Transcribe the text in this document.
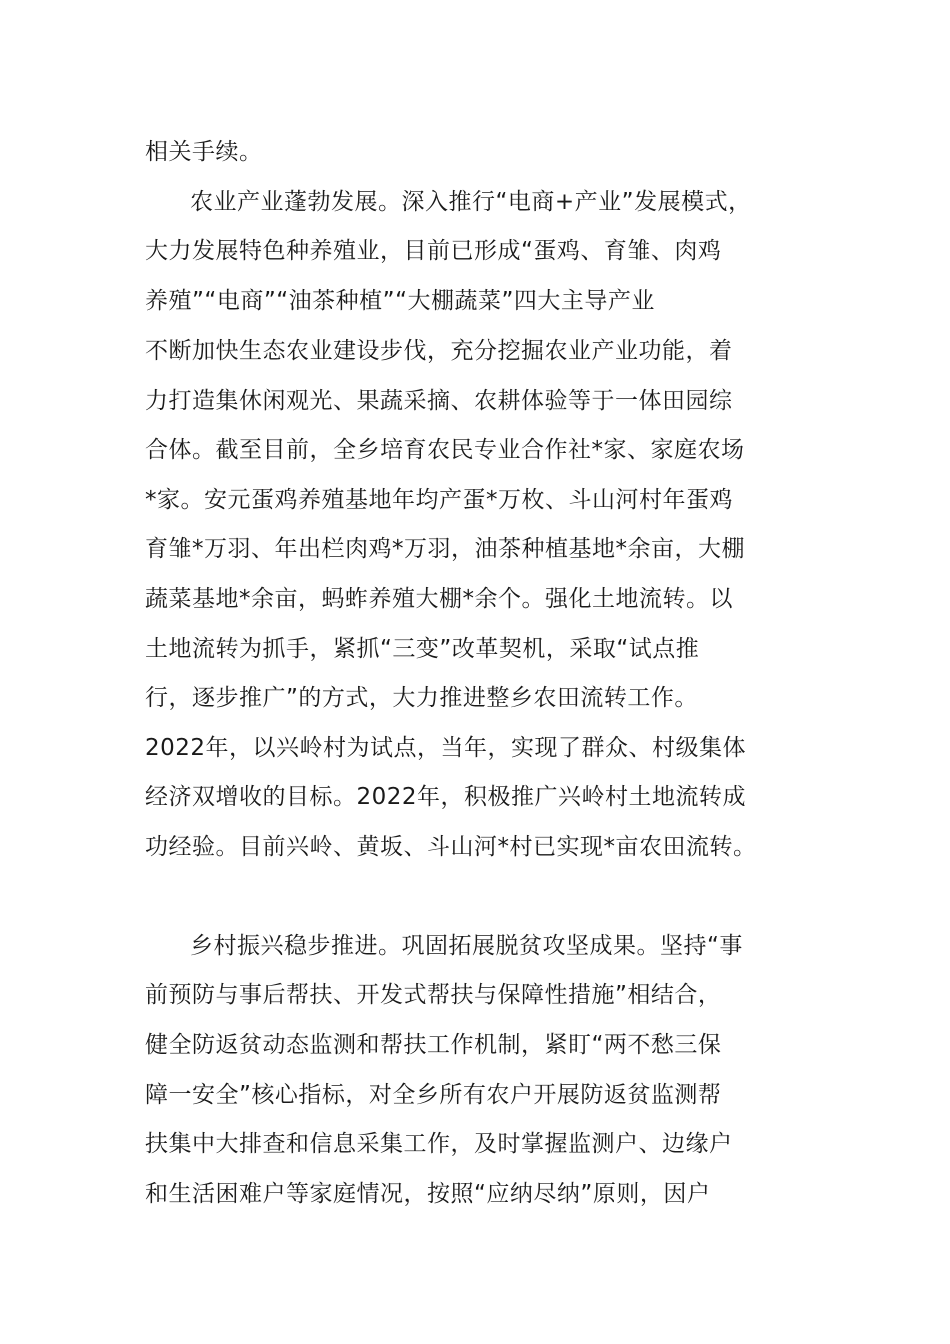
相关手续。
农业产业蓬勃发展。深入推行“电商+产业”发展模式，
大力发展特色种养殖业，目前已形成“蛋鸡、育雏、肉鸡
养殖”“电商”“油茶种植”“大棚蔬菜”四大主导产业
不断加快生态农业建设步伐，充分挖掘农业产业功能，着
力打造集休闲观光、果蔬采摘、农耕体验等于一体田园综
合体。截至目前，全乡培育农民专业合作社*家、家庭农场
*家。安元蛋鸡养殖基地年均产蛋*万枚、斗山河村年蛋鸡
育雏*万羽、年出栏肉鸡*万羽，油茶种植基地*余亩，大棚
蔬菜基地*余亩，蚂蚱养殖大棚*余个。强化土地流转。以
土地流转为抓手，紧抓“三变”改革契机，采取“试点推
行，逐步推广”的方式，大力推进整乡农田流转工作。
2022年，以兴岭村为试点，当年，实现了群众、村级集体
经济双增收的目标。2022年，积极推广兴岭村土地流转成
功经验。目前兴岭、黄坂、斗山河*村已实现*亩农田流转。
乡村振兴稳步推进。巩固拓展脱贫攻坚成果。坚持“事
前预防与事后帮扶、开发式帮扶与保障性措施”相结合，
健全防返贫动态监测和帮扶工作机制，紧盯“两不愁三保
障一安全”核心指标，对全乡所有农户开展防返贫监测帮
扶集中大排查和信息采集工作，及时掌握监测户、边缘户
和生活困难户等家庭情况，按照“应纳尽纳”原则，因户
